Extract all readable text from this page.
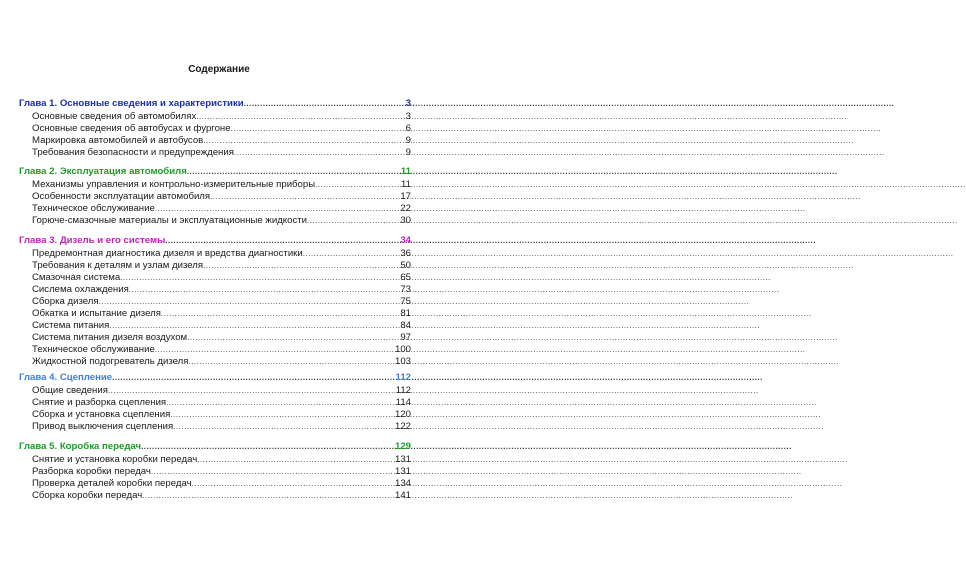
Содержание
Глава 1. Основные сведения и характеристики .....	3
Основные сведения об автомобилях .....	3
Основные сведения об автобусах и фургоне .....	6
Маркировка автомобилей и автобусов .....	9
Требования безопасности и предупреждения .....	9
Глава 2. Эксплуатация автомобиля .....	11
Механизмы управления и контрольно-измерительные приборы .....	11
Особенности эксплуатации автомобиля .....	17
Техническое обслуживание .....	22
Горюче-смазочные материалы и эксплуатационные жидкости .....	30
Глава 3. Дизель и его системы .....	34
Предремонтная диагностика дизеля и вредства диагностики .....	36
Требования к деталям и узлам дизеля .....	50
Смазочная система .....	65
Сислема охлаждения .....	73
Сборка дизеля .....	75
Обкатка и испытание дизеля .....	81
Система питания .....	84
Система питания дизеля воздухом .....	97
Техническое обслуживание .....	100
Жидкостной подогреватель дизеля .....	103
Глава 4. Сцепление .....	112
Общие сведения .....	112
Снятие и разборка сцепления .....	114
Сборка и установка сцепления .....	120
Привод выключения сцепления .....	122
Глава 5. Коробка передач .....	129
Снятие и установка коробки передач .....	131
Разборка коробки передач .....	131
Проверка деталей коробки передач .....	134
Сборка коробки передач .....	141
